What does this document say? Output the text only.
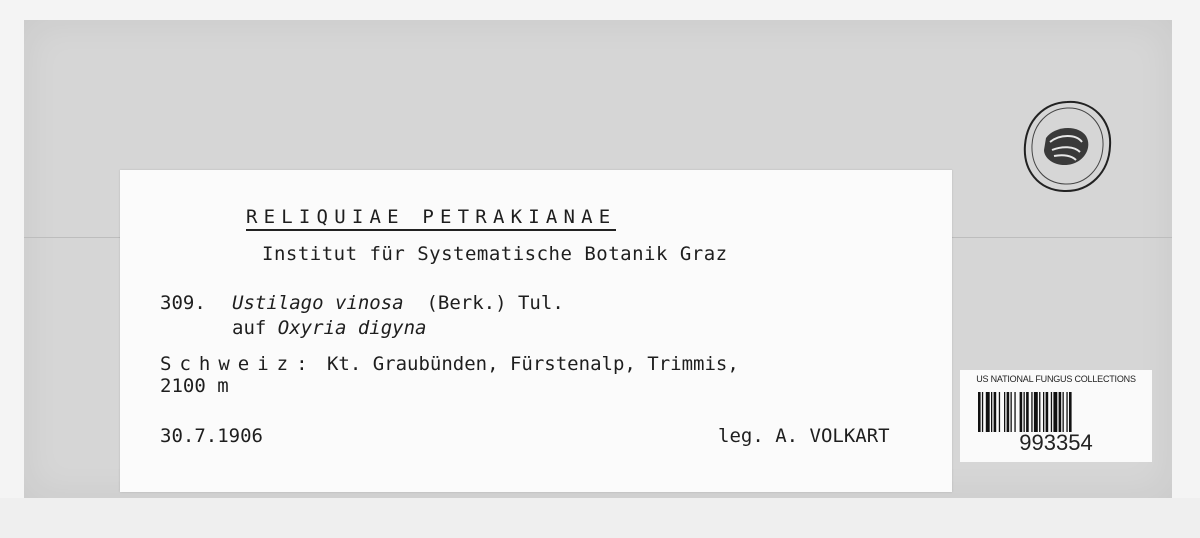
RELIQUIAE PETRAKIANAE
Institut für Systematische Botanik Graz
309. Ustilago vinosa (Berk.) Tul.
auf Oxyria digyna
Schweiz: Kt. Graubünden, Fürstenalp, Trimmis,
2100 m
30.7.1906	leg. A. VOLKART
US NATIONAL FUNGUS COLLECTIONS
993354
